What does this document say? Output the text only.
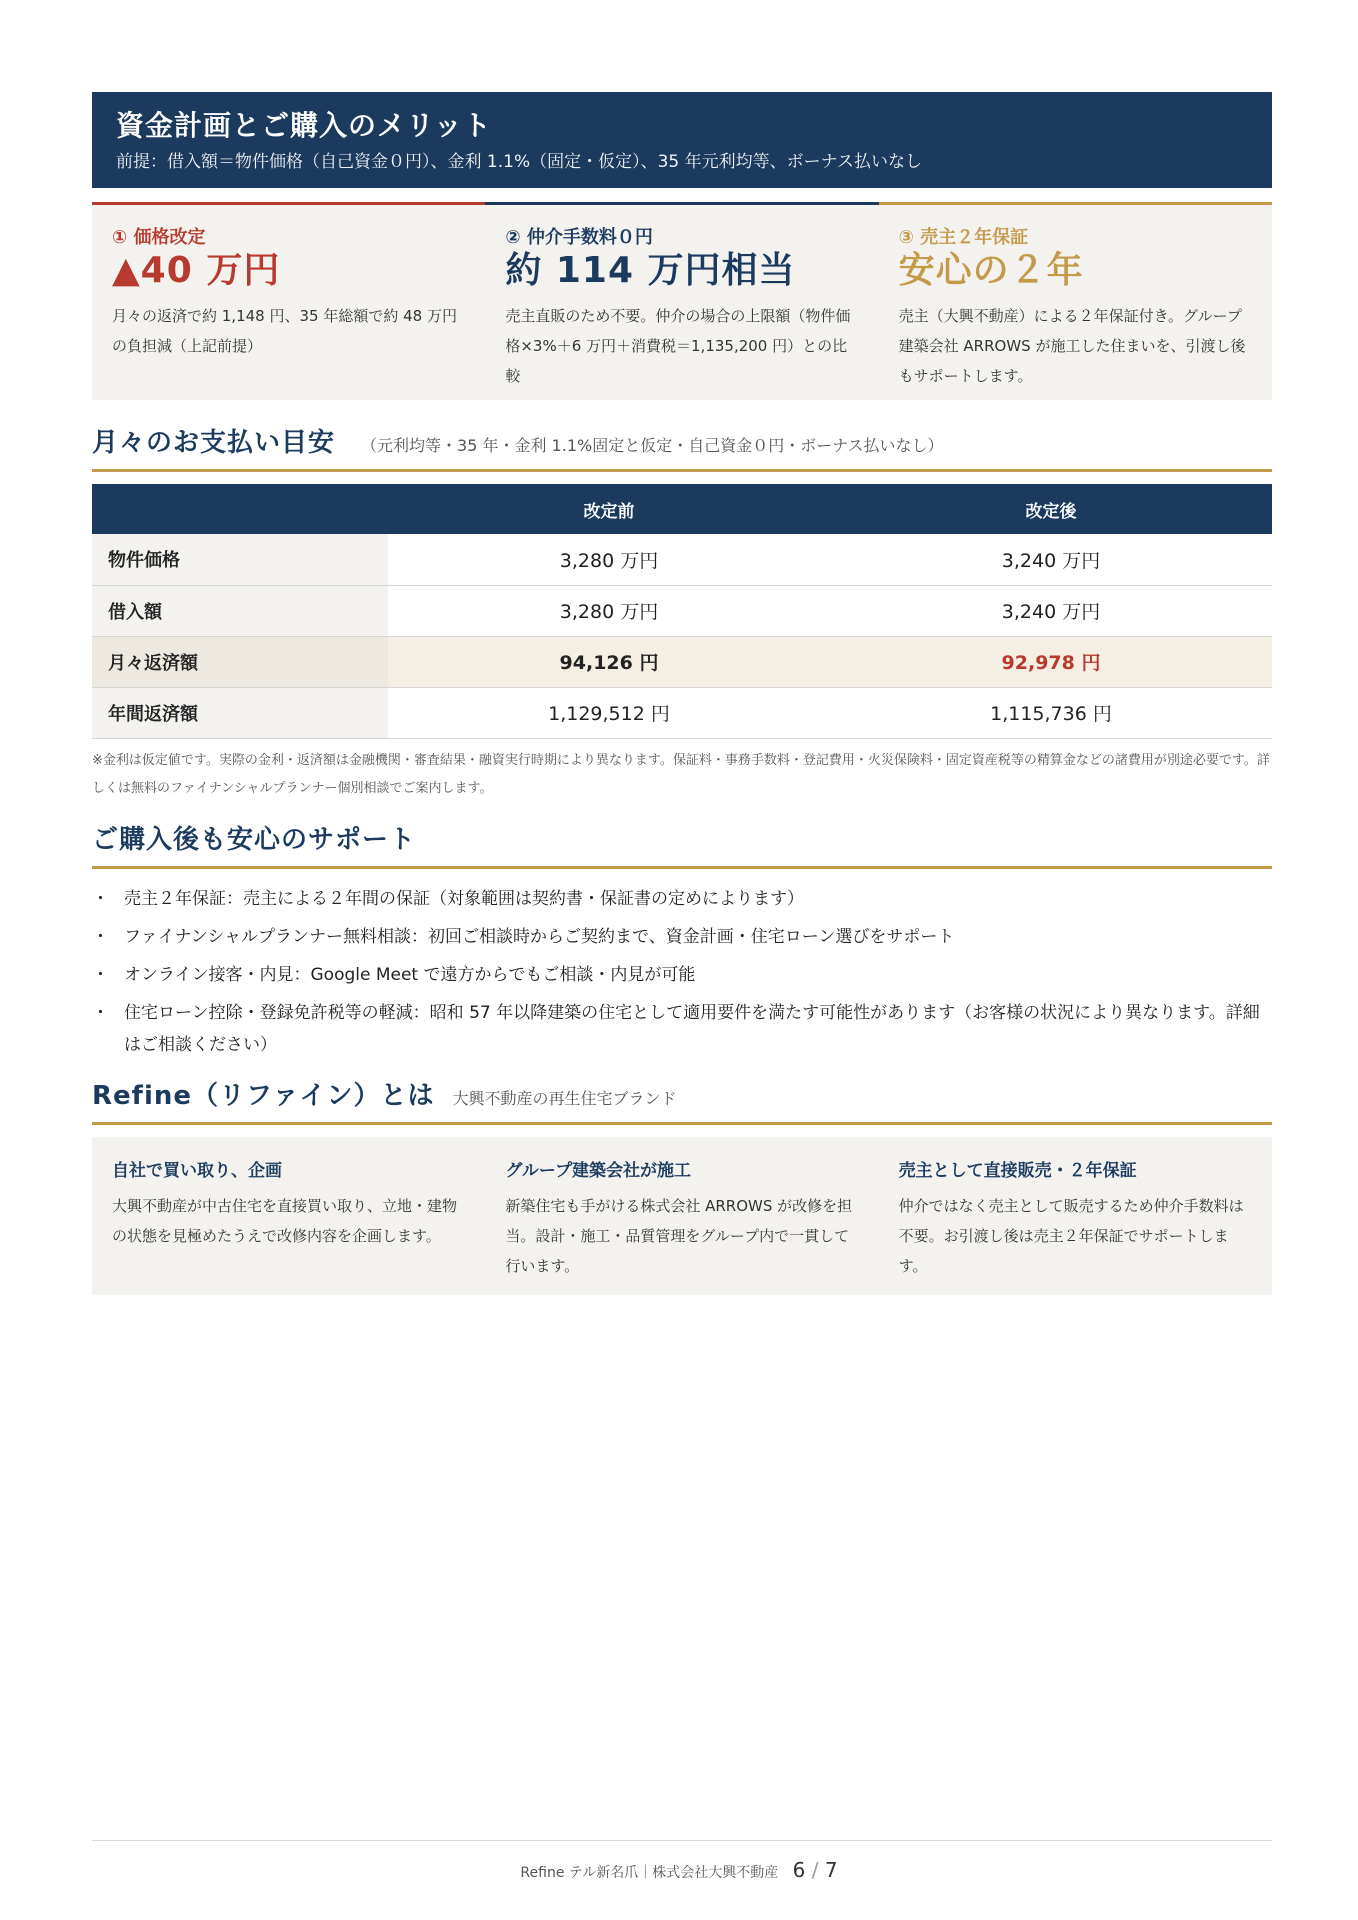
資金計画とご購入のメリット
前提：借入額＝物件価格（自己資金０円）、金利 1.1%（固定・仮定）、35 年元利均等、ボーナス払いなし
① 価格改定
▲40 万円
月々の返済で約 1,148 円、35 年総額で約 48 万円の負担減（上記前提）
② 仲介手数料０円
約 114 万円相当
売主直販のため不要。仲介の場合の上限額（物件価格×3%＋6 万円＋消費税＝1,135,200 円）との比較
③ 売主２年保証
安心の２年
売主（大興不動産）による２年保証付き。グループ建築会社 ARROWS が施工した住まいを、引渡し後もサポートします。
月々のお支払い目安 （元利均等・35 年・金利 1.1%固定と仮定・自己資金０円・ボーナス払いなし）
	改定前	改定後
物件価格	3,280 万円	3,240 万円
借入額	3,280 万円	3,240 万円
月々返済額	94,126 円	92,978 円
年間返済額	1,129,512 円	1,115,736 円
※金利は仮定値です。実際の金利・返済額は金融機関・審査結果・融資実行時期により異なります。保証料・事務手数料・登記費用・火災保険料・固定資産税等の精算金などの諸費用が別途必要です。詳しくは無料のファイナンシャルプランナー個別相談でご案内します。
ご購入後も安心のサポート
・ 売主２年保証：売主による２年間の保証（対象範囲は契約書・保証書の定めによります）
・ ファイナンシャルプランナー無料相談：初回ご相談時からご契約まで、資金計画・住宅ローン選びをサポート
・ オンライン接客・内見：Google Meet で遠方からでもご相談・内見が可能
・ 住宅ローン控除・登録免許税等の軽減：昭和 57 年以降建築の住宅として適用要件を満たす可能性があります（お客様の状況により異なります。詳細はご相談ください）
Refine（リファイン）とは 大興不動産の再生住宅ブランド
自社で買い取り、企画
大興不動産が中古住宅を直接買い取り、立地・建物の状態を見極めたうえで改修内容を企画します。
グループ建築会社が施工
新築住宅も手がける株式会社 ARROWS が改修を担当。設計・施工・品質管理をグループ内で一貫して行います。
売主として直接販売・２年保証
仲介ではなく売主として販売するため仲介手数料は不要。お引渡し後は売主２年保証でサポートします。
Refine テル新名爪｜株式会社大興不動産 6 / 7
